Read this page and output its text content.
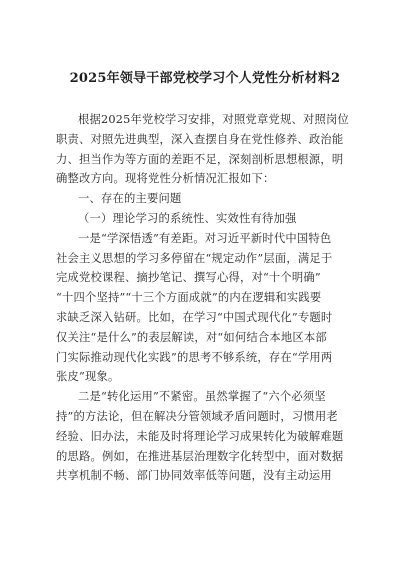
2025年领导干部党校学习个人党性分析材料2
根据2025年党校学习安排，对照党章党规、对照岗位
职责、对照先进典型，深入查摆自身在党性修养、政治能
力、担当作为等方面的差距不足，深刻剖析思想根源，明
确整改方向。现将党性分析情况汇报如下：
一、存在的主要问题
（一）理论学习的系统性、实效性有待加强
一是“学深悟透”有差距。对习近平新时代中国特色
社会主义思想的学习多停留在“规定动作”层面，满足于
完成党校课程、摘抄笔记、撰写心得，对“十个明确”
“十四个坚持”“十三个方面成就”的内在逻辑和实践要
求缺乏深入钻研。比如，在学习“中国式现代化”专题时
仅关注“是什么”的表层解读，对“如何结合本地区本部
门实际推动现代化实践”的思考不够系统，存在“学用两
张皮”现象。
二是“转化运用”不紧密。虽然掌握了“六个必须坚
持”的方法论，但在解决分管领域矛盾问题时，习惯用老
经验、旧办法，未能及时将理论学习成果转化为破解难题
的思路。例如，在推进基层治理数字化转型中，面对数据
共享机制不畅、部门协同效率低等问题，没有主动运用
